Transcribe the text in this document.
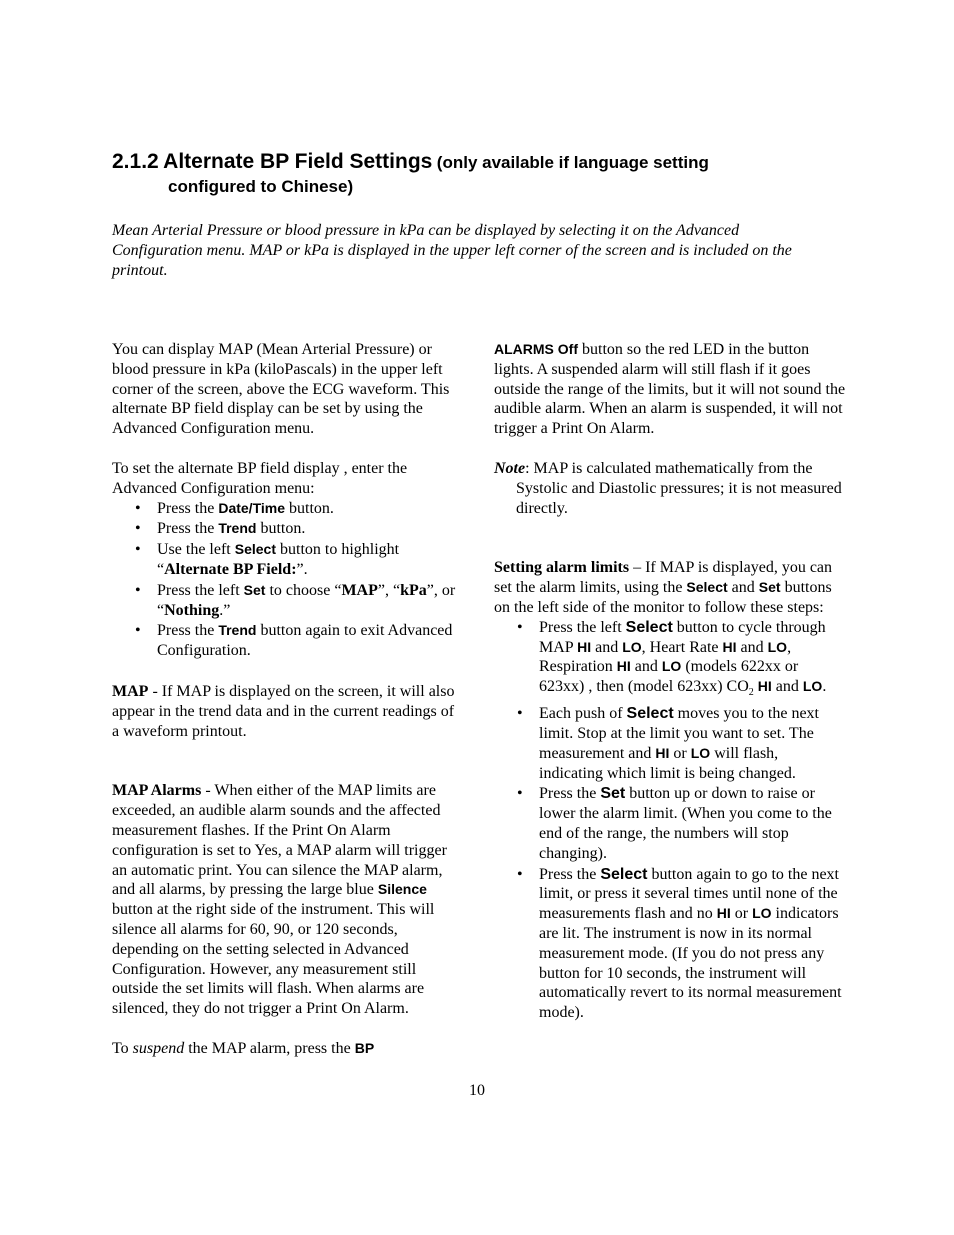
2.1.2 Alternate BP Field Settings (only available if language setting
configured to Chinese)

Mean Arterial Pressure or blood pressure in kPa can be displayed by selecting it on the Advanced Configuration menu. MAP or kPa is displayed in the upper left corner of the screen and is included on the printout.

You can display MAP (Mean Arterial Pressure) or blood pressure in kPa (kiloPascals) in the upper left corner of the screen, above the ECG waveform. This alternate BP field display can be set by using the Advanced Configuration menu.

To set the alternate BP field display , enter the Advanced Configuration menu:

• Press the Date/Time button.
• Press the Trend button.
• Use the left Select button to highlight “Alternate BP Field:”.
• Press the left Set to choose “MAP”, “kPa”, or “Nothing.”
• Press the Trend button again to exit Advanced Configuration.

MAP - If MAP is displayed on the screen, it will also appear in the trend data and in the current readings of a waveform printout.

MAP Alarms - When either of the MAP limits are exceeded, an audible alarm sounds and the affected measurement flashes. If the Print On Alarm configuration is set to Yes, a MAP alarm will trigger an automatic print. You can silence the MAP alarm, and all alarms, by pressing the large blue Silence button at the right side of the instrument. This will silence all alarms for 60, 90, or 120 seconds, depending on the setting selected in Advanced Configuration. However, any measurement still outside the set limits will flash. When alarms are silenced, they do not trigger a Print On Alarm.

To suspend the MAP alarm, press the BP

ALARMS Off button so the red LED in the button lights. A suspended alarm will still flash if it goes outside the range of the limits, but it will not sound the audible alarm. When an alarm is suspended, it will not trigger a Print On Alarm.

Note: MAP is calculated mathematically from the Systolic and Diastolic pressures; it is not measured directly.

Setting alarm limits – If MAP is displayed, you can set the alarm limits, using the Select and Set buttons on the left side of the monitor to follow these steps:

• Press the left Select button to cycle through MAP HI and LO, Heart Rate HI and LO, Respiration HI and LO (models 622xx or 623xx) , then (model 623xx) $CO_2$ HI and LO.
• Each push of Select moves you to the next limit. Stop at the limit you want to set. The measurement and HI or LO will flash, indicating which limit is being changed.
• Press the Set button up or down to raise or lower the alarm limit. (When you come to the end of the range, the numbers will stop changing).
• Press the Select button again to go to the next limit, or press it several times until none of the measurements flash and no HI or LO indicators are lit. The instrument is now in its normal measurement mode. (If you do not press any button for 10 seconds, the instrument will automatically revert to its normal measurement mode).
10
